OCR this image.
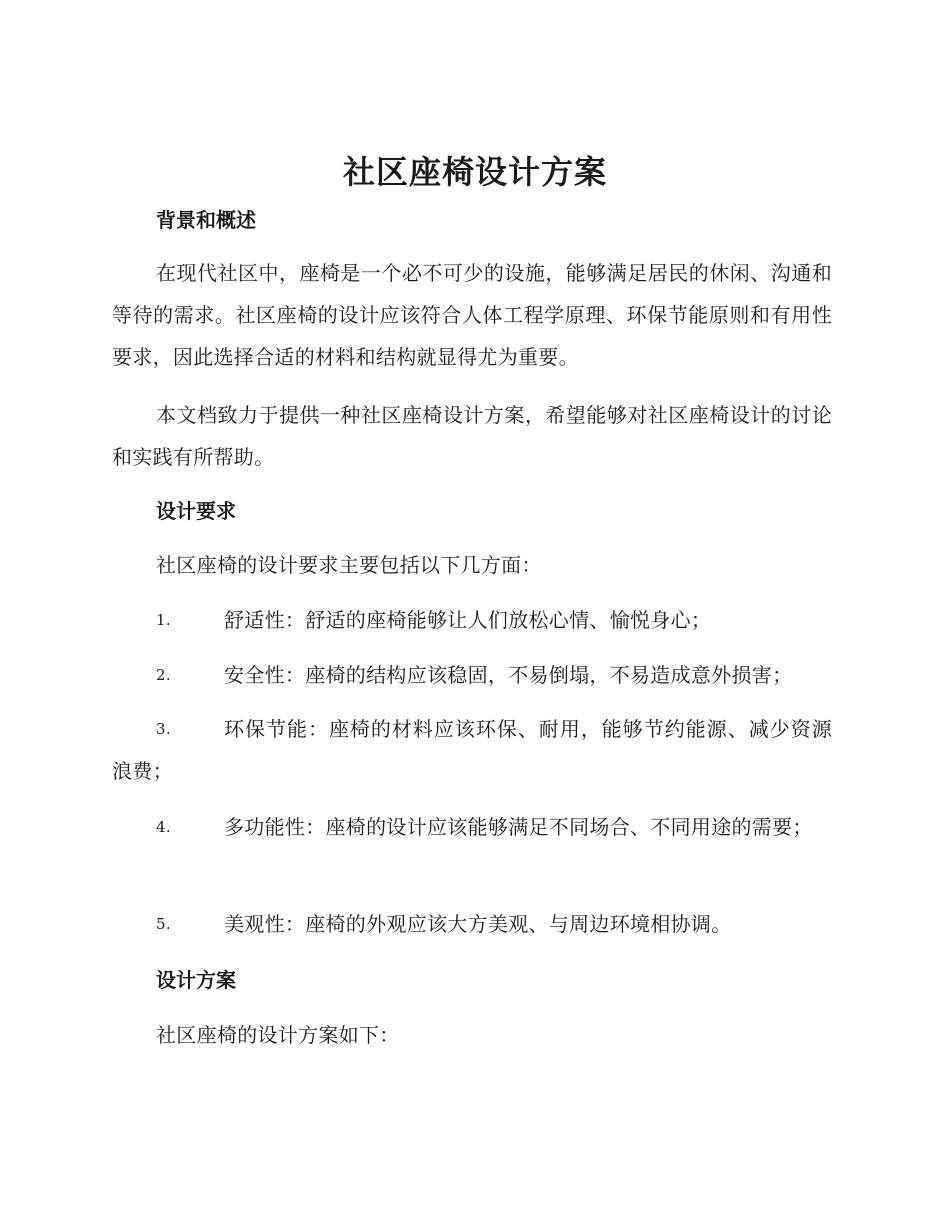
社区座椅设计方案
背景和概述
在现代社区中，座椅是一个必不可少的设施，能够满足居民的休闲、沟通和等待的需求。社区座椅的设计应该符合人体工程学原理、环保节能原则和有用性要求，因此选择合适的材料和结构就显得尤为重要。
本文档致力于提供一种社区座椅设计方案，希望能够对社区座椅设计的讨论和实践有所帮助。
设计要求
社区座椅的设计要求主要包括以下几方面：
1.	舒适性：舒适的座椅能够让人们放松心情、愉悦身心；
2.	安全性：座椅的结构应该稳固，不易倒塌，不易造成意外损害；
3.	环保节能：座椅的材料应该环保、耐用，能够节约能源、减少资源浪费；
4.	多功能性：座椅的设计应该能够满足不同场合、不同用途的需要；
5.	美观性：座椅的外观应该大方美观、与周边环境相协调。
设计方案
社区座椅的设计方案如下：
